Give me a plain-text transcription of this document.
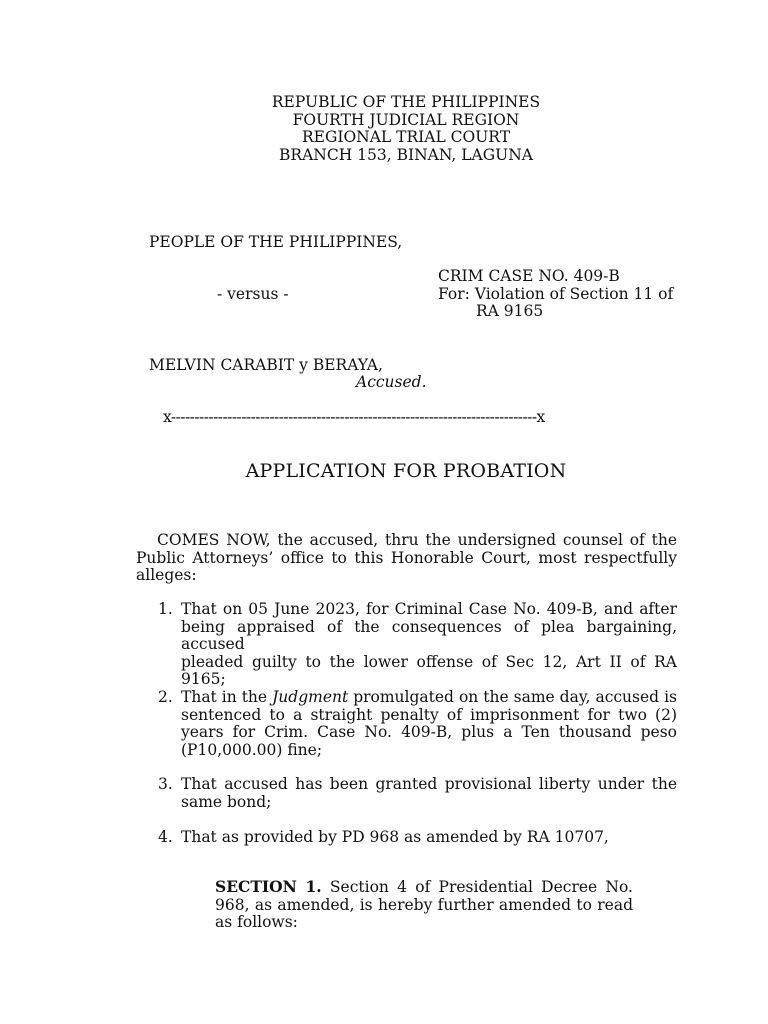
REPUBLIC OF THE PHILIPPINES
FOURTH JUDICIAL REGION
REGIONAL TRIAL COURT
BRANCH 153, BINAN, LAGUNA
PEOPLE OF THE PHILIPPINES,
CRIM CASE NO. 409-B
- versus -	For: Violation of Section 11 of
RA 9165
MELVIN CARABIT y BERAYA,
Accused.
x------------------------------------------------------------------------------x
APPLICATION FOR PROBATION
COMES NOW, the accused, thru the undersigned counsel of the
Public Attorneys’ office to this Honorable Court, most respectfully
alleges:
1. That on 05 June 2023, for Criminal Case No. 409-B, and after
being appraised of the consequences of plea bargaining, accused
pleaded guilty to the lower offense of Sec 12, Art II of RA 9165;
2. That in the Judgment promulgated on the same day, accused is
sentenced to a straight penalty of imprisonment for two (2)
years for Crim. Case No. 409-B, plus a Ten thousand peso
(P10,000.00) fine;
3. That accused has been granted provisional liberty under the
same bond;
4. That as provided by PD 968 as amended by RA 10707,
SECTION 1. Section 4 of Presidential Decree No.
968, as amended, is hereby further amended to read
as follows:
